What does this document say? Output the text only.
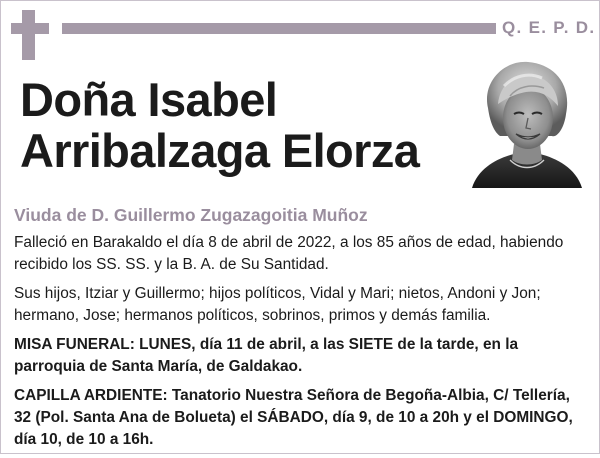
Q. E. P. D.
Doña Isabel
Arribalzaga Elorza
Viuda de D. Guillermo Zugazagoitia Muñoz

Falleció en Barakaldo el día 8 de abril de 2022, a los 85 años de edad, habiendo recibido los SS. SS. y la B. A. de Su Santidad.

Sus hijos, Itziar y Guillermo; hijos políticos, Vidal y Mari; nietos, Andoni y Jon; hermano, Jose; hermanos políticos, sobrinos, primos y demás familia.

MISA FUNERAL: LUNES, día 11 de abril, a las SIETE de la tarde, en la parroquia de Santa María, de Galdakao.

CAPILLA ARDIENTE: Tanatorio Nuestra Señora de Begoña-Albia, C/ Tellería, 32 (Pol. Santa Ana de Bolueta) el SÁBADO, día 9, de 10 a 20h y el DOMINGO, día 10, de 10 a 16h.
